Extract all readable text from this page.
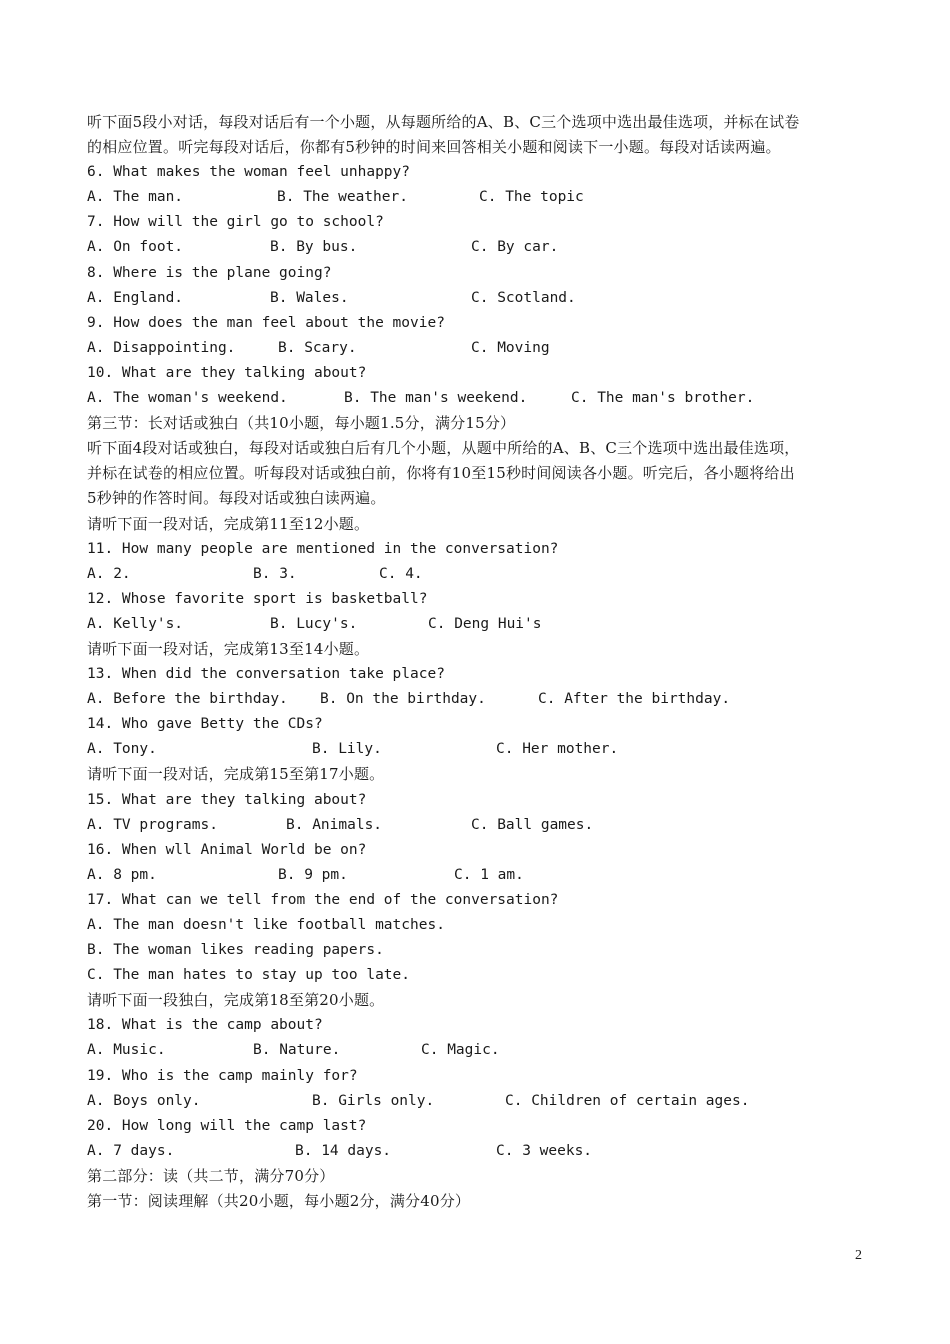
听下面5段小对话，每段对话后有一个小题，从每题所给的A、B、C三个选项中选出最佳选项，并标在试卷
的相应位置。听完每段对话后，你都有5秒钟的时间来回答相关小题和阅读下一小题。每段对话读两遍。
6. What makes the woman feel unhappy?
A. The man.	B. The weather.	C. The topic
7. How will the girl go to school?
A. On foot.	B. By bus.	C. By car.
8. Where is the plane going?
A. England.	B. Wales.	C. Scotland.
9. How does the man feel about the movie?
A. Disappointing.	B. Scary.	C. Moving
10. What are they talking about?
A. The woman's weekend.	B. The man's weekend.	C. The man's brother.
第三节：长对话或独白（共10小题，每小题1.5分，满分15分）
听下面4段对话或独白，每段对话或独白后有几个小题，从题中所给的A、B、C三个选项中选出最佳选项，
并标在试卷的相应位置。听每段对话或独白前，你将有10至15秒时间阅读各小题。听完后，各小题将给出
5秒钟的作答时间。每段对话或独白读两遍。
请听下面一段对话，完成第11至12小题。
11. How many people are mentioned in the conversation?
A. 2.	B. 3.	C. 4.
12. Whose favorite sport is basketball?
A. Kelly's.	B. Lucy's.	C. Deng Hui's
请听下面一段对话，完成第13至14小题。
13. When did the conversation take place?
A. Before the birthday.	B. On the birthday.	C. After the birthday.
14. Who gave Betty the CDs?
A. Tony.	B. Lily.	C. Her mother.
请听下面一段对话，完成第15至第17小题。
15. What are they talking about?
A. TV programs.	B. Animals.	C. Ball games.
16. When wll Animal World be on?
A. 8 pm.	B. 9 pm.	C. 1 am.
17. What can we tell from the end of the conversation?
A. The man doesn't like football matches.
B. The woman likes reading papers.
C. The man hates to stay up too late.
请听下面一段独白，完成第18至第20小题。
18. What is the camp about?
A. Music.	B. Nature.	C. Magic.
19. Who is the camp mainly for?
A. Boys only.	B. Girls only.	C. Children of certain ages.
20. How long will the camp last?
A. 7 days.	B. 14 days.	C. 3 weeks.
第二部分：读（共二节，满分70分）
第一节：阅读理解（共20小题，每小题2分，满分40分）
2
